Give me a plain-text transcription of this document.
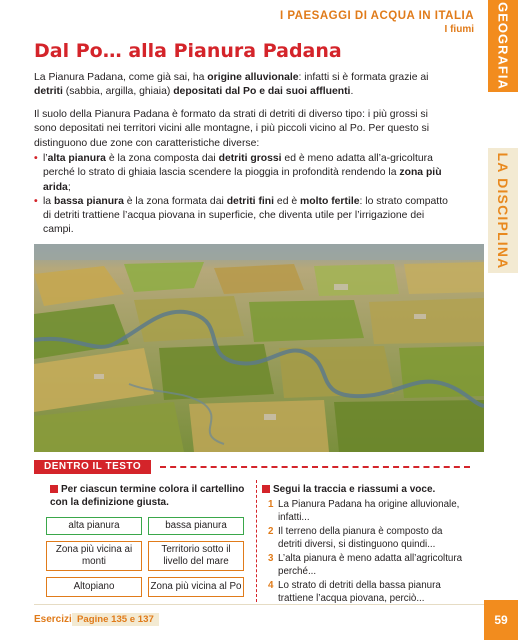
I PAESAGGI DI ACQUA IN ITALIA
I fiumi GEOGRAFIA
LA DISCIPLINA
Dal Po… alla Pianura Padana
La Pianura Padana, come già sai, ha origine alluvionale: infatti si è formata grazie ai detriti (sabbia, argilla, ghiaia) depositati dal Po e dai suoi affluenti.
Il suolo della Pianura Padana è formato da strati di detriti di diverso tipo: i più grossi si sono depositati nei territori vicini alle montagne, i più piccoli vicino al Po. Per questo si distinguono due zone con caratteristiche diverse:
• l’alta pianura è la zona composta dai detriti grossi ed è meno adatta all’a-gricoltura perché lo strato di ghiaia lascia scendere la pioggia in profondità rendendo la zona più arida;
• la bassa pianura è la zona formata dai detriti fini ed è molto fertile: lo strato compatto di detriti trattiene l’acqua piovana in superficie, che diventa utile per l’irrigazione dei campi.
DENTRO IL TESTO
Per ciascun termine colora il cartellino con la definizione giusta.
alta pianura	bassa pianura
Zona più vicina ai monti
Territorio sotto il livello del mare
Altopiano	Zona più vicina al Po
Segui la traccia e riassumi a voce.
1 La Pianura Padana ha origine alluvionale, infatti...
2 Il terreno della pianura è composto da detriti diversi, si distinguono quindi...
3 L’alta pianura è meno adatta all’agricoltura perché...
4 Lo strato di detriti della bassa pianura trattiene l’acqua piovana, perciò...
Esercizi Pagine 135 e 137	59
